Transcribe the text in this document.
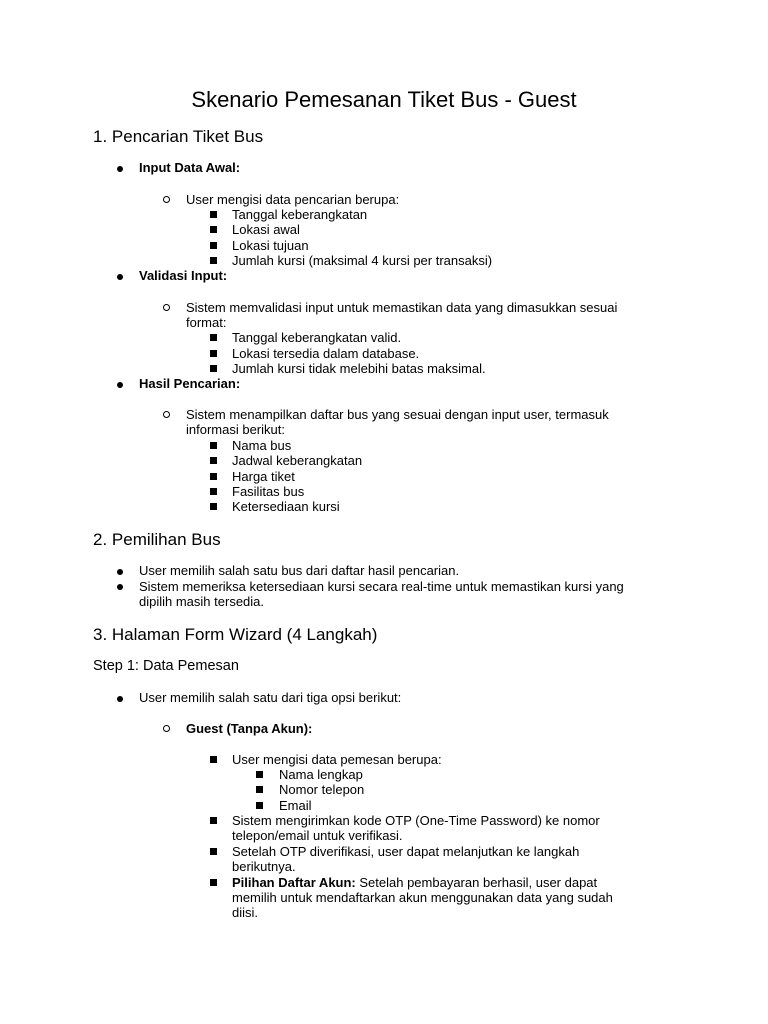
Skenario Pemesanan Tiket Bus - Guest
1. Pencarian Tiket Bus
Input Data Awal:
User mengisi data pencarian berupa:
Tanggal keberangkatan
Lokasi awal
Lokasi tujuan
Jumlah kursi (maksimal 4 kursi per transaksi)
Validasi Input:
Sistem memvalidasi input untuk memastikan data yang dimasukkan sesuai
format:
Tanggal keberangkatan valid.
Lokasi tersedia dalam database.
Jumlah kursi tidak melebihi batas maksimal.
Hasil Pencarian:
Sistem menampilkan daftar bus yang sesuai dengan input user, termasuk
informasi berikut:
Nama bus
Jadwal keberangkatan
Harga tiket
Fasilitas bus
Ketersediaan kursi
2. Pemilihan Bus
User memilih salah satu bus dari daftar hasil pencarian.
Sistem memeriksa ketersediaan kursi secara real-time untuk memastikan kursi yang
dipilih masih tersedia.
3. Halaman Form Wizard (4 Langkah)
Step 1: Data Pemesan
User memilih salah satu dari tiga opsi berikut:
Guest (Tanpa Akun):
User mengisi data pemesan berupa:
Nama lengkap
Nomor telepon
Email
Sistem mengirimkan kode OTP (One-Time Password) ke nomor
telepon/email untuk verifikasi.
Setelah OTP diverifikasi, user dapat melanjutkan ke langkah
berikutnya.
Pilihan Daftar Akun: Setelah pembayaran berhasil, user dapat
memilih untuk mendaftarkan akun menggunakan data yang sudah
diisi.
